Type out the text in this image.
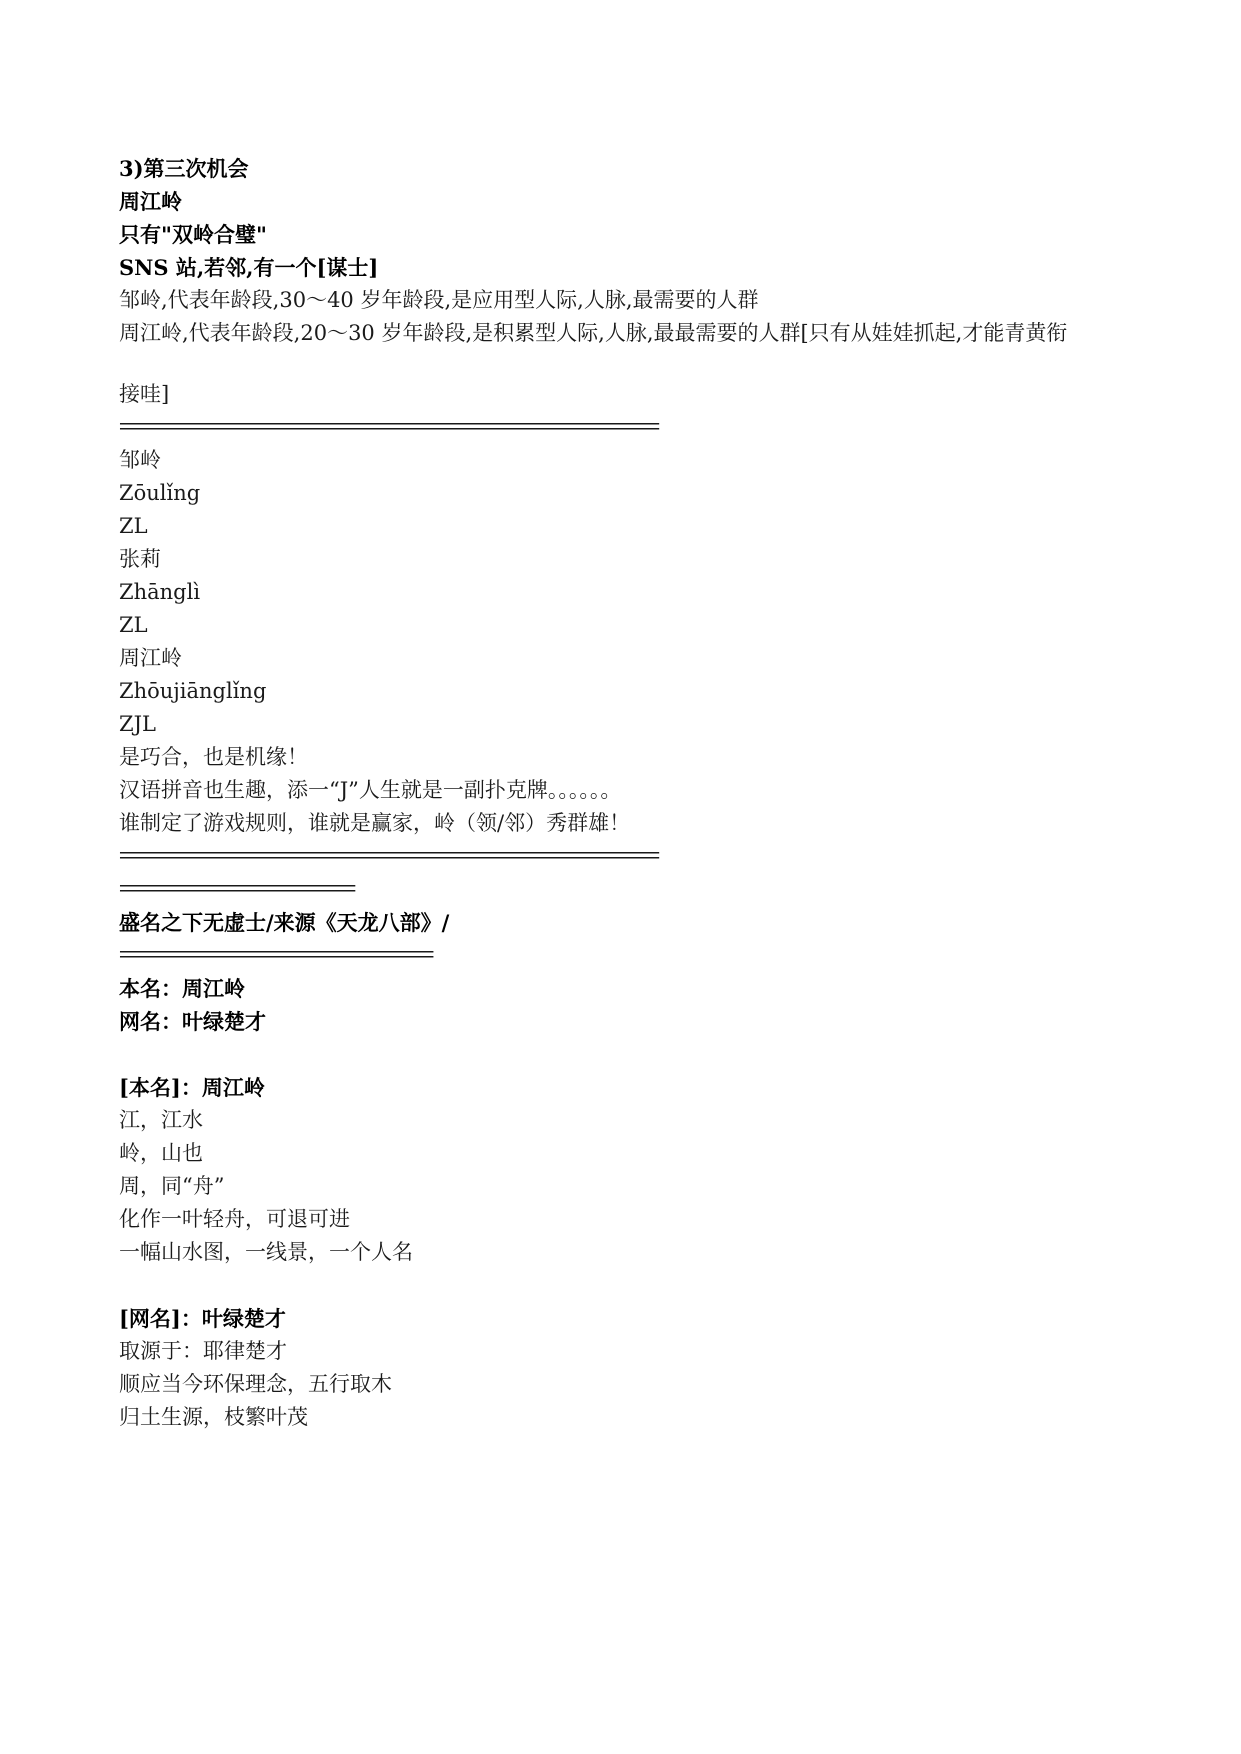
3)第三次机会
周江岭
只有"双岭合璧"
SNS 站,若邻,有一个[谋士]
邹岭,代表年龄段,30～40 岁年龄段,是应用型人际,人脉,最需要的人群
周江岭,代表年龄段,20～30 岁年龄段,是积累型人际,人脉,最最需要的人群[只有从娃娃抓起,才能青黄衔
接哇]
==============================================================
邹岭
Zōulǐng
ZL
张莉
Zhānglì
ZL
周江岭
Zhōujiānglǐng
ZJL
是巧合，也是机缘！
汉语拼音也生趣，添一“J”人生就是一副扑克牌。。。。。。
谁制定了游戏规则，谁就是赢家，岭（领/邻）秀群雄！
==============================================================
===========================
盛名之下无虚士/来源《天龙八部》/
====================================
本名：周江岭
网名：叶绿楚才
[本名]：周江岭
江，江水
岭，山也
周，同“舟”
化作一叶轻舟，可退可进
一幅山水图，一线景，一个人名
[网名]：叶绿楚才
取源于：耶律楚才
顺应当今环保理念，五行取木
归土生源，枝繁叶茂
